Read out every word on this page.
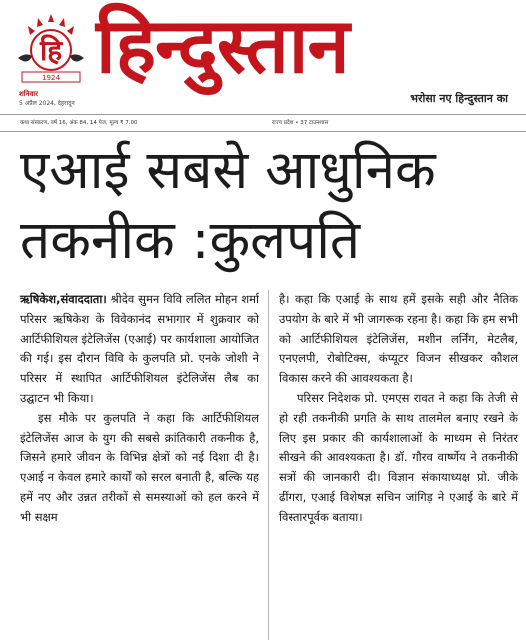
हि
1924
शनिवार
5 अप्रैल 2024, देहरादून
हिन्दुस्तान
भरोसा नए हिन्दुस्तान का
कथा संस्करण, वर्ष 16, अंक 84, 14 पेज, मूल्य ₹ 7.00	राज्य प्रदेश • 37 टाउनशास
एआई सबसे आधुनिक
तकनीक :कुलपति

ऋषिकेश,संवाददाता। श्रीदेव सुमन विवि ललित मोहन शर्मा परिसर ऋषिकेश के विवेकानंद सभागार में शुक्रवार को आर्टिफीशियल इंटेलिजेंस (एआई) पर कार्यशाला आयोजित की गई। इस दौरान विवि के कुलपति प्रो. एनके जोशी ने परिसर में स्थापित आर्टिफीशियल इंटेलिजेंस लैब का उद्घाटन भी किया।

इस मौके पर कुलपति ने कहा कि आर्टिफीशियल इंटेलिजेंस आज के युग की सबसे क्रांतिकारी तकनीक है, जिसने हमारे जीवन के विभिन्न क्षेत्रों को नई दिशा दी है। एआई न केवल हमारे कार्यों को सरल बनाती है, बल्कि यह हमें नए और उन्नत तरीकों से समस्याओं को हल करने में भी सक्षम

है। कहा कि एआई के साथ हमें इसके सही और नैतिक उपयोग के बारे में भी जागरूक रहना है। कहा कि हम सभी को आर्टिफीशियल इंटेलिजेंस, मशीन लर्निंग, मेटलैब, एनएलपी, रोबोटिक्स, कंप्यूटर विजन सीखकर कौशल विकास करने की आवश्यकता है।

परिसर निदेशक प्रो. एमएस रावत ने कहा कि तेजी से हो रही तकनीकी प्रगति के साथ तालमेल बनाए रखने के लिए इस प्रकार की कार्यशालाओं के माध्यम से निरंतर सीखने की आवश्यकता है। डॉ. गौरव वार्ष्णेय ने तकनीकी सत्रों की जानकारी दी। विज्ञान संकायाध्यक्ष प्रो. जीके ढींगरा, एआई विशेषज्ञ सचिन जांगिड़ ने एआई के बारे में विस्तारपूर्वक बताया।
